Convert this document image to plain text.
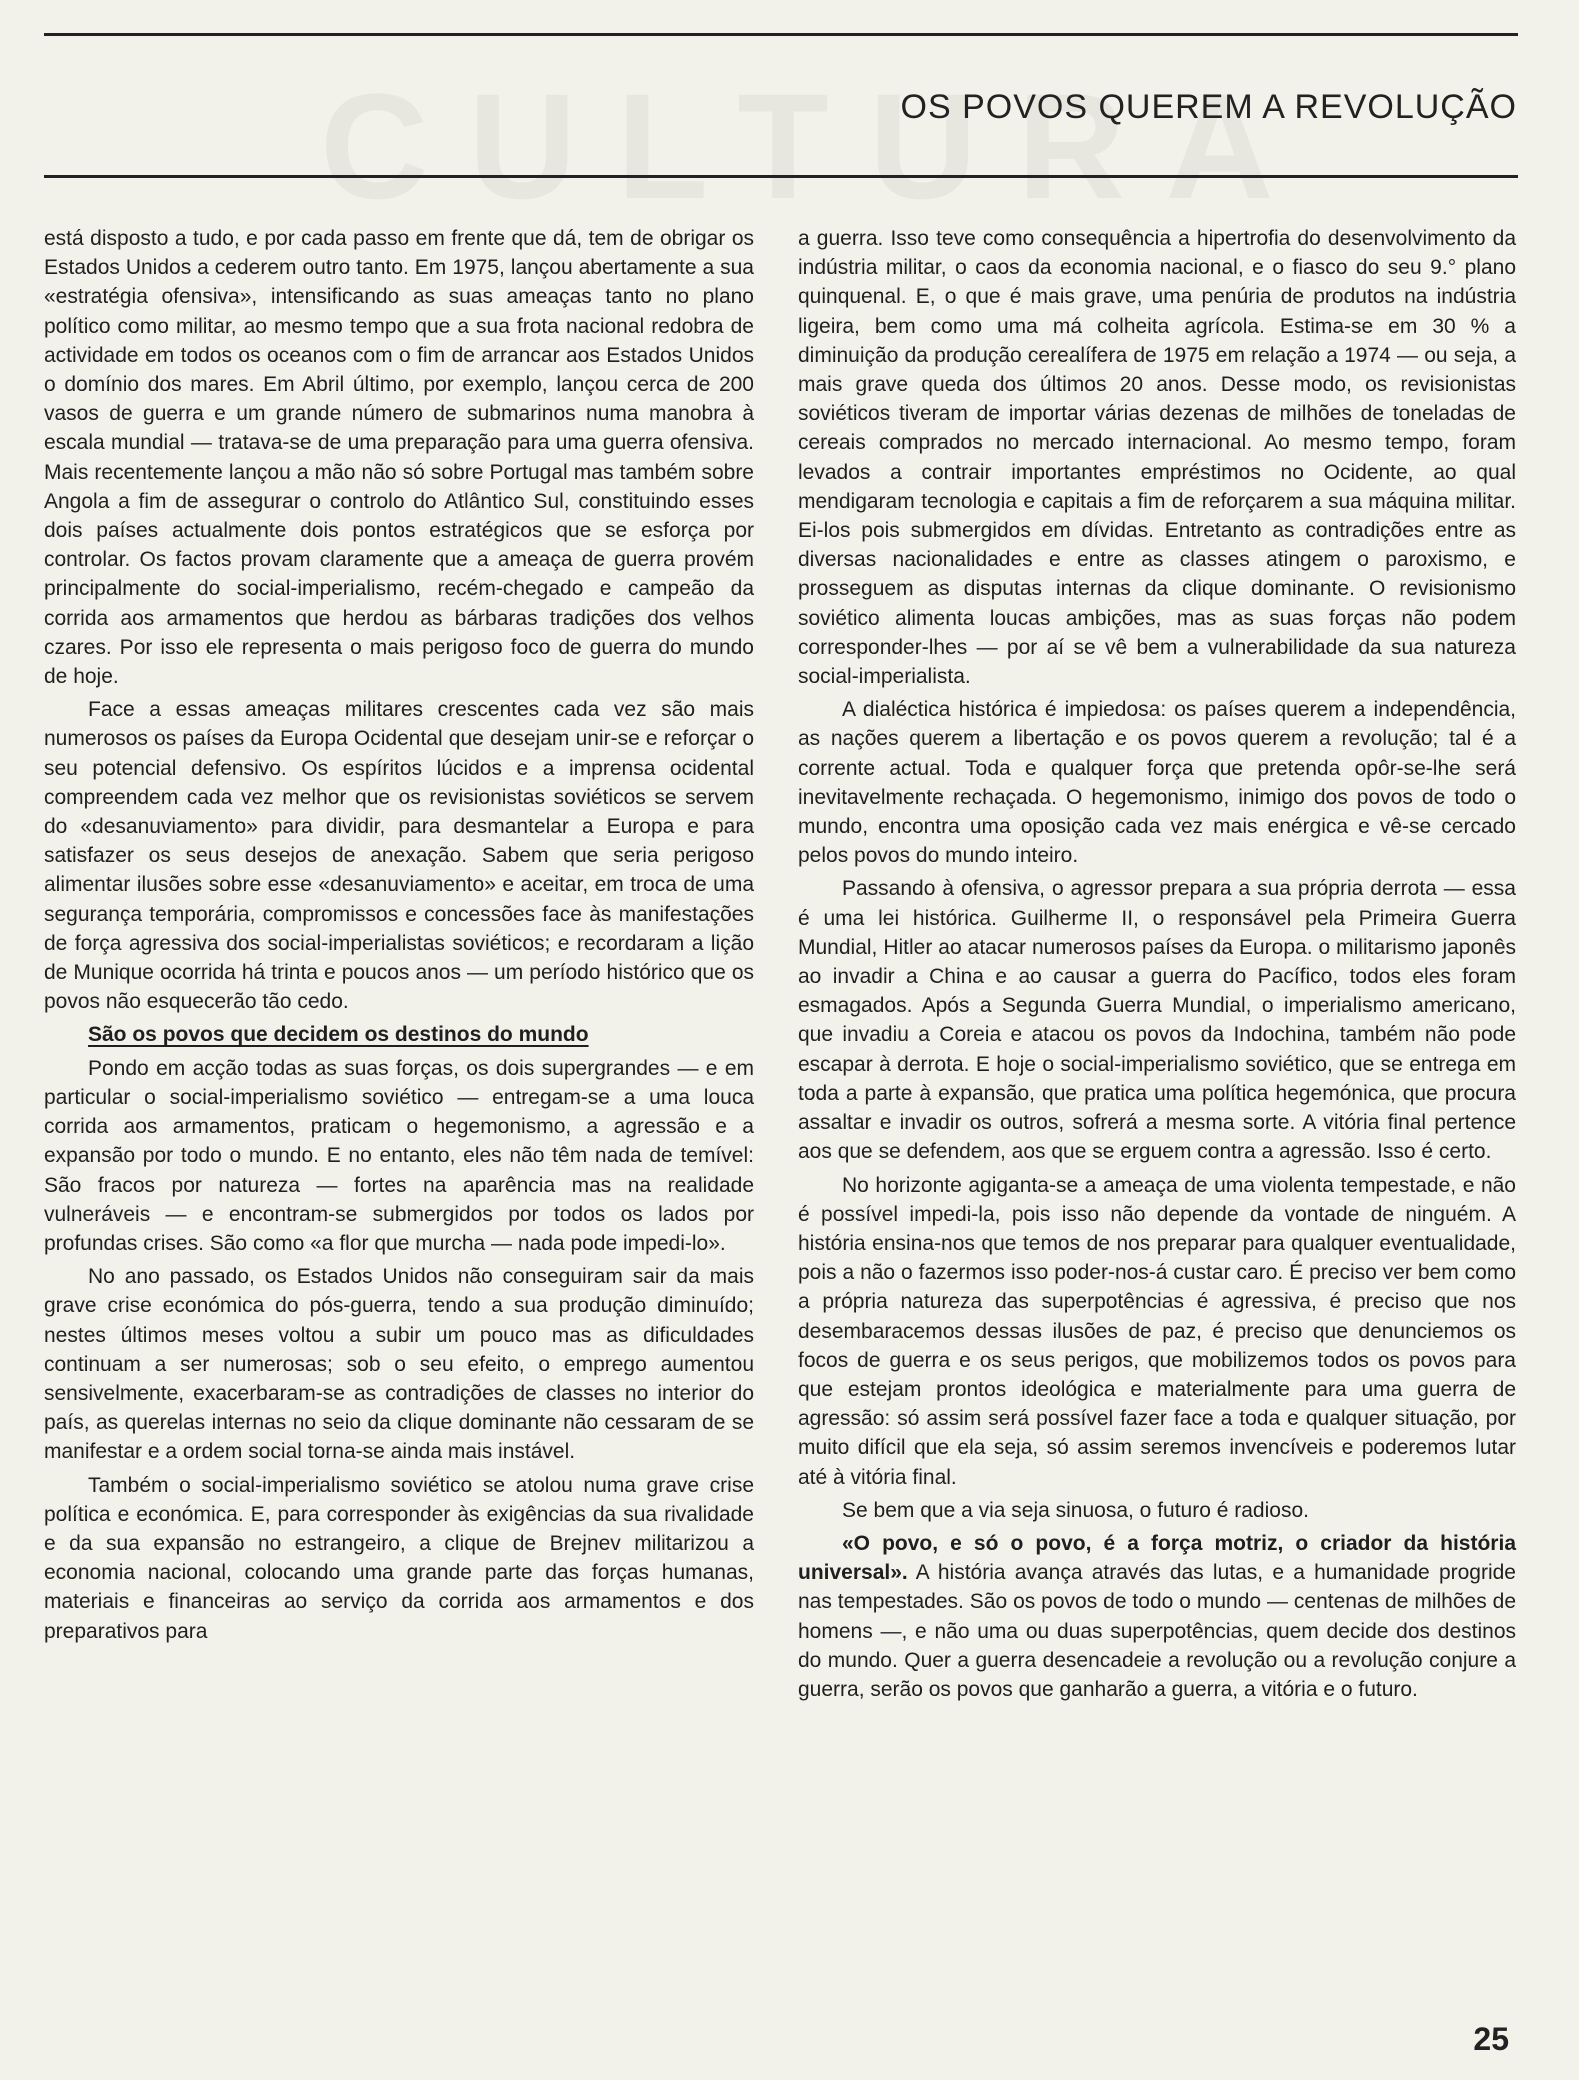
OS POVOS QUEREM A REVOLUÇÃO

está disposto a tudo, e por cada passo em frente que dá, tem de obrigar os Estados Unidos a cederem outro tanto. Em 1975, lançou abertamente a sua «estratégia ofensiva», intensificando as suas ameaças tanto no plano político como militar, ao mesmo tempo que a sua frota nacional redobra de actividade em todos os oceanos com o fim de arrancar aos Estados Unidos o domínio dos mares. Em Abril último, por exemplo, lançou cerca de 200 vasos de guerra e um grande número de submarinos numa manobra à escala mundial — tratava-se de uma preparação para uma guerra ofensiva. Mais recentemente lançou a mão não só sobre Portugal mas também sobre Angola a fim de assegurar o controlo do Atlântico Sul, constituindo esses dois países actualmente dois pontos estratégicos que se esforça por controlar. Os factos provam claramente que a ameaça de guerra provém principalmente do social-imperialismo, recém-chegado e campeão da corrida aos armamentos que herdou as bárbaras tradições dos velhos czares. Por isso ele representa o mais perigoso foco de guerra do mundo de hoje.

Face a essas ameaças militares crescentes cada vez são mais numerosos os países da Europa Ocidental que desejam unir-se e reforçar o seu potencial defensivo. Os espíritos lúcidos e a imprensa ocidental compreendem cada vez melhor que os revisionistas soviéticos se servem do «desanuviamento» para dividir, para desmantelar a Europa e para satisfazer os seus desejos de anexação. Sabem que seria perigoso alimentar ilusões sobre esse «desanuviamento» e aceitar, em troca de uma segurança temporária, compromissos e concessões face às manifestações de força agressiva dos social-imperialistas soviéticos; e recordaram a lição de Munique ocorrida há trinta e poucos anos — um período histórico que os povos não esquecerão tão cedo.

São os povos que decidem os destinos do mundo

Pondo em acção todas as suas forças, os dois supergrandes — e em particular o social-imperialismo soviético — entregam-se a uma louca corrida aos armamentos, praticam o hegemonismo, a agressão e a expansão por todo o mundo. E no entanto, eles não têm nada de temível: São fracos por natureza — fortes na aparência mas na realidade vulneráveis — e encontram-se submergidos por todos os lados por profundas crises. São como «a flor que murcha — nada pode impedi-lo».

No ano passado, os Estados Unidos não conseguiram sair da mais grave crise económica do pós-guerra, tendo a sua produção diminuído; nestes últimos meses voltou a subir um pouco mas as dificuldades continuam a ser numerosas; sob o seu efeito, o emprego aumentou sensivelmente, exacerbaram-se as contradições de classes no interior do país, as querelas internas no seio da clique dominante não cessaram de se manifestar e a ordem social torna-se ainda mais instável.

Também o social-imperialismo soviético se atolou numa grave crise política e económica. E, para corresponder às exigências da sua rivalidade e da sua expansão no estrangeiro, a clique de Brejnev militarizou a economia nacional, colocando uma grande parte das forças humanas, materiais e financeiras ao serviço da corrida aos armamentos e dos preparativos para

a guerra. Isso teve como consequência a hipertrofia do desenvolvimento da indústria militar, o caos da economia nacional, e o fiasco do seu 9.° plano quinquenal. E, o que é mais grave, uma penúria de produtos na indústria ligeira, bem como uma má colheita agrícola. Estima-se em 30 % a diminuição da produção cerealífera de 1975 em relação a 1974 — ou seja, a mais grave queda dos últimos 20 anos. Desse modo, os revisionistas soviéticos tiveram de importar várias dezenas de milhões de toneladas de cereais comprados no mercado internacional. Ao mesmo tempo, foram levados a contrair importantes empréstimos no Ocidente, ao qual mendigaram tecnologia e capitais a fim de reforçarem a sua máquina militar. Ei-los pois submergidos em dívidas. Entretanto as contradições entre as diversas nacionalidades e entre as classes atingem o paroxismo, e prosseguem as disputas internas da clique dominante. O revisionismo soviético alimenta loucas ambições, mas as suas forças não podem corresponder-lhes — por aí se vê bem a vulnerabilidade da sua natureza social-imperialista.

A dialéctica histórica é impiedosa: os países querem a independência, as nações querem a libertação e os povos querem a revolução; tal é a corrente actual. Toda e qualquer força que pretenda opôr-se-lhe será inevitavelmente rechaçada. O hegemonismo, inimigo dos povos de todo o mundo, encontra uma oposição cada vez mais enérgica e vê-se cercado pelos povos do mundo inteiro.

Passando à ofensiva, o agressor prepara a sua própria derrota — essa é uma lei histórica. Guilherme II, o responsável pela Primeira Guerra Mundial, Hitler ao atacar numerosos países da Europa. o militarismo japonês ao invadir a China e ao causar a guerra do Pacífico, todos eles foram esmagados. Após a Segunda Guerra Mundial, o imperialismo americano, que invadiu a Coreia e atacou os povos da Indochina, também não pode escapar à derrota. E hoje o social-imperialismo soviético, que se entrega em toda a parte à expansão, que pratica uma política hegemónica, que procura assaltar e invadir os outros, sofrerá a mesma sorte. A vitória final pertence aos que se defendem, aos que se erguem contra a agressão. Isso é certo.

No horizonte agiganta-se a ameaça de uma violenta tempestade, e não é possível impedi-la, pois isso não depende da vontade de ninguém. A história ensina-nos que temos de nos preparar para qualquer eventualidade, pois a não o fazermos isso poder-nos-á custar caro. É preciso ver bem como a própria natureza das superpotências é agressiva, é preciso que nos desembaracemos dessas ilusões de paz, é preciso que denunciemos os focos de guerra e os seus perigos, que mobilizemos todos os povos para que estejam prontos ideológica e materialmente para uma guerra de agressão: só assim será possível fazer face a toda e qualquer situação, por muito difícil que ela seja, só assim seremos invencíveis e poderemos lutar até à vitória final.

Se bem que a via seja sinuosa, o futuro é radioso.

«O povo, e só o povo, é a força motriz, o criador da história universal». A história avança através das lutas, e a humanidade progride nas tempestades. São os povos de todo o mundo — centenas de milhões de homens —, e não uma ou duas superpotências, quem decide dos destinos do mundo. Quer a guerra desencadeie a revolução ou a revolução conjure a guerra, serão os povos que ganharão a guerra, a vitória e o futuro.

25
